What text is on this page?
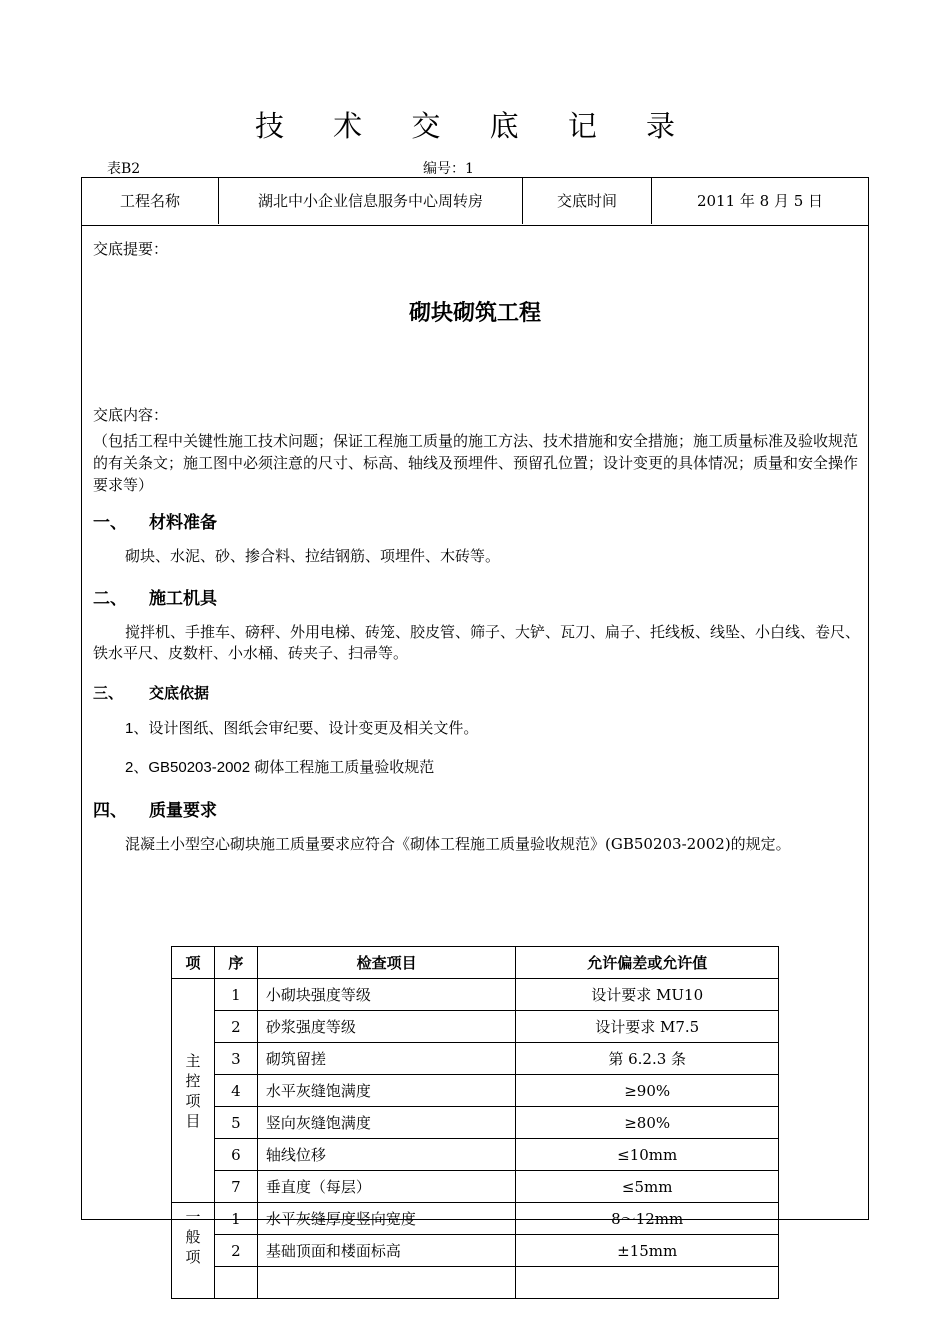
技 术 交 底 记 录
表B2	编号：1
工程名称	湖北中小企业信息服务中心周转房	交底时间	2011 年 8 月 5 日
交底提要：
砌块砌筑工程
交底内容：
（包括工程中关键性施工技术问题；保证工程施工质量的施工方法、技术措施和安全措施；施工质量标准及验收规范的有关条文；施工图中必须注意的尺寸、标高、轴线及预埋件、预留孔位置；设计变更的具体情况；质量和安全操作要求等）
一、 材料准备
砌块、水泥、砂、掺合料、拉结钢筋、项埋件、木砖等。
二、 施工机具
搅拌机、手推车、磅秤、外用电梯、砖笼、胶皮管、筛子、大铲、瓦刀、扁子、托线板、线坠、小白线、卷尺、铁水平尺、皮数杆、小水桶、砖夹子、扫帚等。
三、 交底依据
1、设计图纸、图纸会审纪要、设计变更及相关文件。
2、GB50203-2002 砌体工程施工质量验收规范
四、 质量要求
混凝土小型空心砌块施工质量要求应符合《砌体工程施工质量验收规范》(GB50203-2002)的规定。
项	序	检查项目	允许偏差或允许值
主
控
项
目	1	小砌块强度等级	设计要求 MU10
	2	砂浆强度等级	设计要求 M7.5
	3	砌筑留搓	第 6.2.3 条
	4	水平灰缝饱满度	≥90%
	5	竖向灰缝饱满度	≥80%
	6	轴线位移	≤10mm
	7	垂直度（每层）	≤5mm
一
般
项	1	水平灰缝厚度竖向宽度	8～12mm
	2	基础顶面和楼面标高	±15mm
